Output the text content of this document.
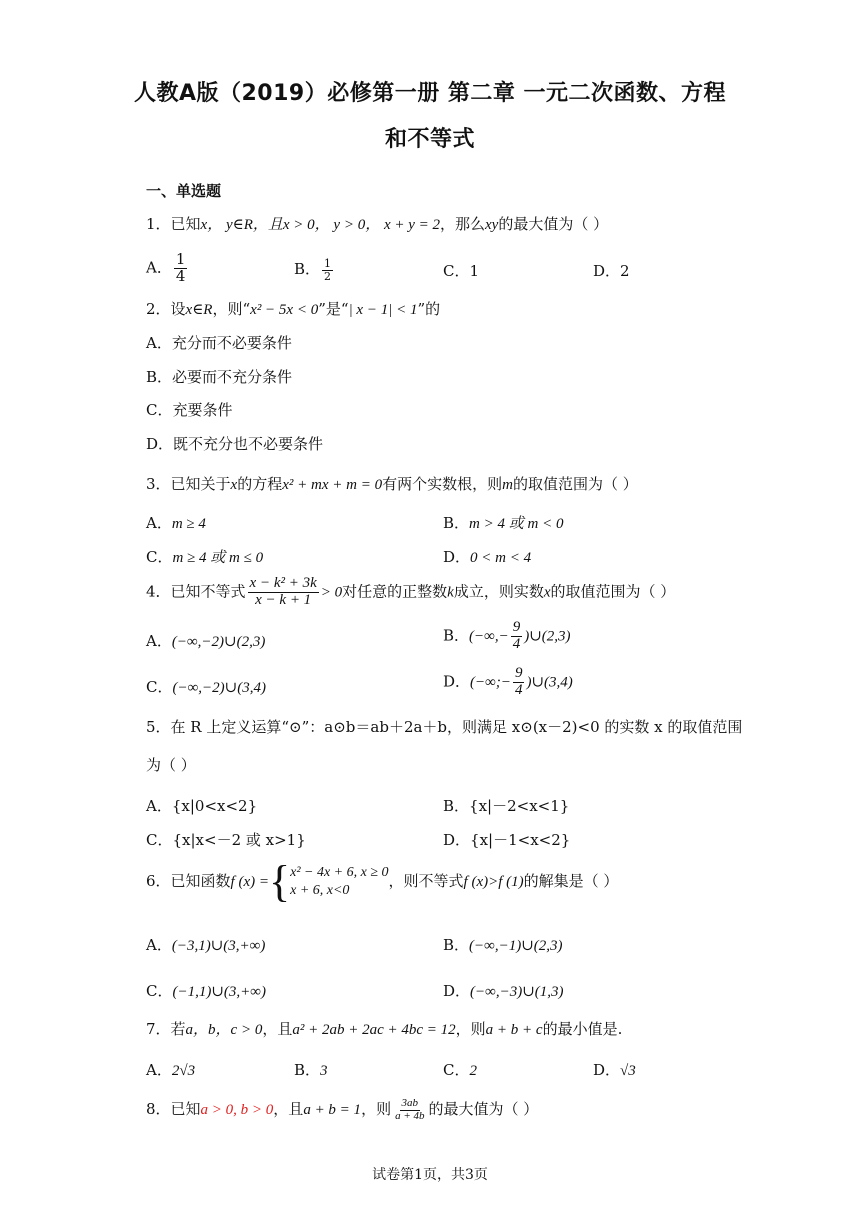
人教A版（2019）必修第一册 第二章 一元二次函数、方程
和不等式
一、单选题
1．已知x， y∈R，且x > 0， y > 0， x + y = 2，那么xy的最大值为（ ）
A． $\frac{1}{4}$	B． $\frac{1}{2}$	C．1	D．2
2．设x∈R，则“x² − 5x < 0”是“| x − 1| < 1”的
A．充分而不必要条件
B．必要而不充分条件
C．充要条件
D．既不充分也不必要条件
3．已知关于x的方程x² + mx + m = 0有两个实数根，则m的取值范围为（ ）
A．m ≥ 4	B．m > 4 或 m < 0
C．m ≥ 4 或 m ≤ 0	D．0 < m < 4
4．已知不等式 $\frac{\text{x − k² + 3k}}{x - k + 1} > 0$对任意的正整数k成立，则实数x的取值范围为（ ）
A．(−∞,−2)∪(2,3)	B．(−∞,− $\frac{9}{4}$ )∪(2,3)
C．(−∞,−2)∪(3,4)	D．(−∞;− $\frac{9}{4}$ )∪(3,4)
5．在 R 上定义运算“⊙”：a⊙b＝ab＋2a＋b，则满足 x⊙(x－2)<0 的实数 x 的取值范围
为（ ）
A．{x|0<x<2}	B．{x|－2<x<1}
C．{x|x<－2 或 x>1}	D．{x|－1<x<2}
6．已知函数f (x) = { x² − 4x + 6, x ≥ 0
x + 6, x<0
，则不等式f (x)>f (1)的解集是（ ）
A．(−3,1)∪(3,+∞)	B．(−∞,−1)∪(2,3)
C．(−1,1)∪(3,+∞)	D．(−∞,−3)∪(1,3)
7．若a，b，c > 0，且a² + 2ab + 2ac + 4bc = 12，则a + b + c的最小值是.
A．2√3	B．3	C．2	D．√3
8．已知a > 0, b > 0，且a + b = 1，则 $\frac{3ab}{a + 4b}$ 的最大值为（ ）
试卷第1页，共3页
